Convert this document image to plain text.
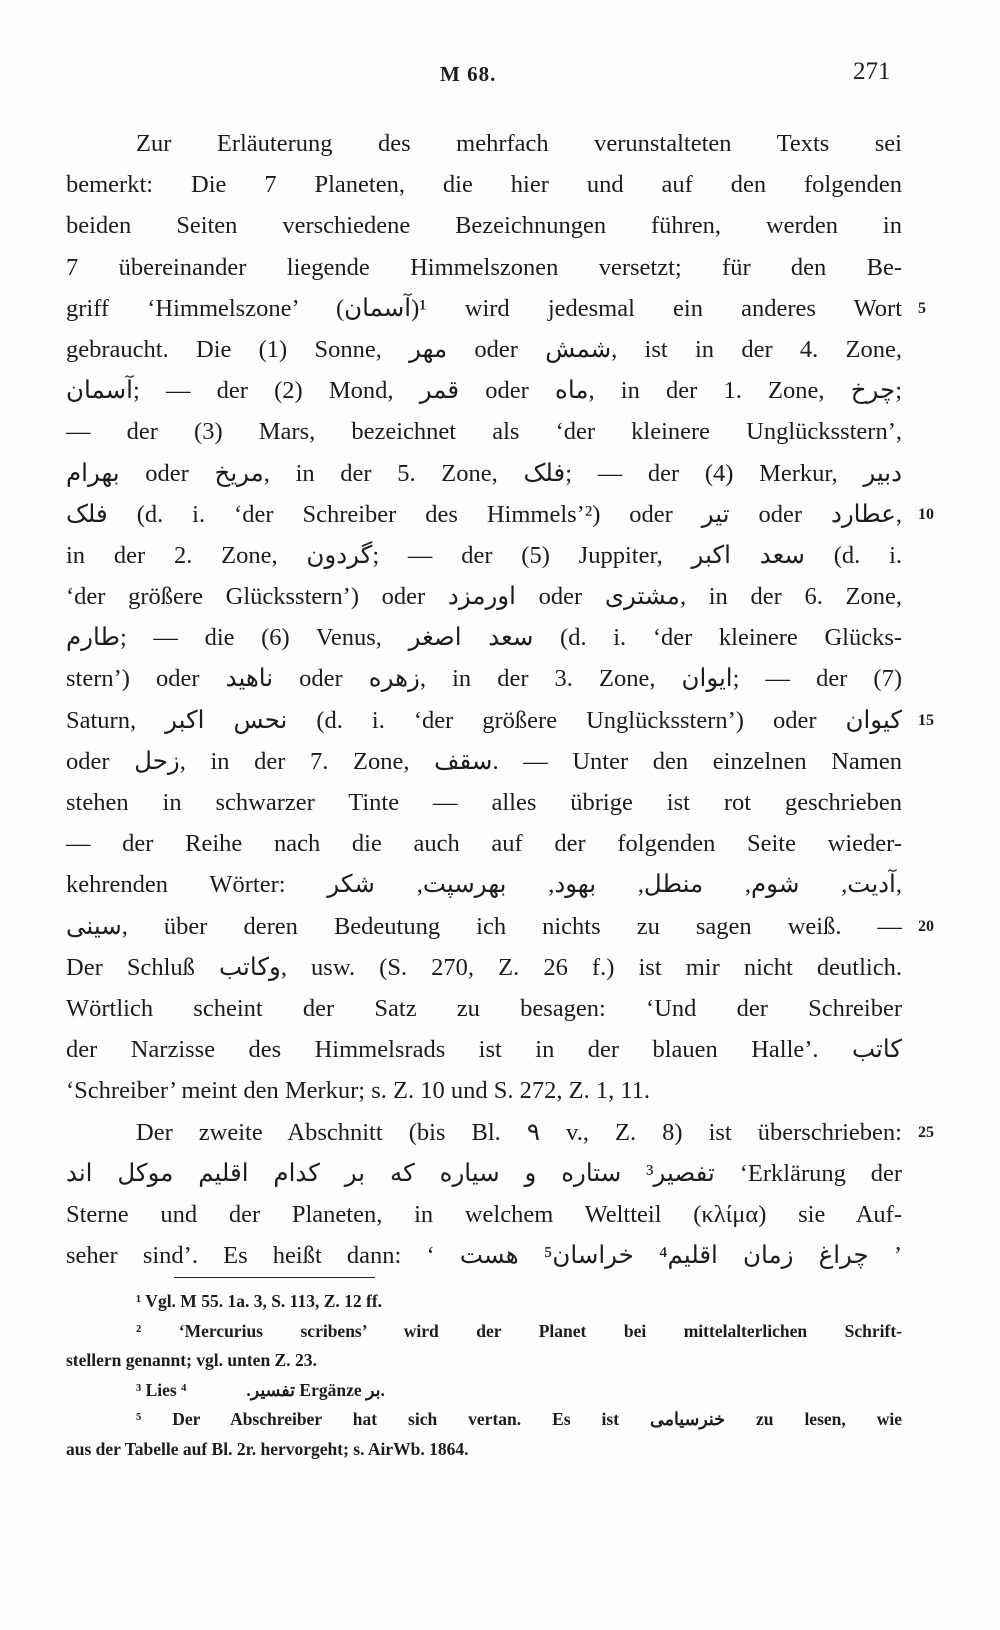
M 68.	271
Zur Erläuterung des mehrfach verunstalteten Texts sei
bemerkt: Die 7 Planeten, die hier und auf den folgenden
beiden Seiten verschiedene Bezeichnungen führen, werden in
7 übereinander liegende Himmelszonen versetzt; für den Be-
griff ‘Himmelszone’ (آسمان)¹ wird jedesmal ein anderes Wort 5
gebraucht. Die (1) Sonne, مهر oder شمش, ist in der 4. Zone,
آسمان; — der (2) Mond, قمر oder ماه, in der 1. Zone, چرخ;
— der (3) Mars, bezeichnet als ‘der kleinere Unglücksstern’,
بهرام oder مریخ, in der 5. Zone, فلک; — der (4) Merkur, دبیر
فلک (d. i. ‘der Schreiber des Himmels’²) oder تیر oder عطارد, 10
in der 2. Zone, گردون; — der (5) Juppiter, سعد اکبر (d. i.
‘der größere Glücksstern’) oder اورمزد oder مشتری, in der 6. Zone,
طارم; — die (6) Venus, سعد اصغر (d. i. ‘der kleinere Glücks-
stern’) oder ناهید oder زهره, in der 3. Zone, ایوان; — der (7)
Saturn, نحس اکبر (d. i. ‘der größere Unglücksstern’) oder کیوان 15
oder زحل, in der 7. Zone, سقف. — Unter den einzelnen Namen
stehen in schwarzer Tinte — alles übrige ist rot geschrieben
— der Reihe nach die auch auf der folgenden Seite wieder-
kehrenden Wörter: آدیت, شوم, منطل, بهود, بهرسپت, شکر,
سینی, über deren Bedeutung ich nichts zu sagen weiß. — 20
Der Schluß وکاتب, usw. (S. 270, Z. 26 f.) ist mir nicht deutlich.
Wörtlich scheint der Satz zu besagen: ‘Und der Schreiber
der Narzisse des Himmelsrads ist in der blauen Halle’. کاتب
‘Schreiber’ meint den Merkur; s. Z. 10 und S. 272, Z. 1, 11.
Der zweite Abschnitt (bis Bl. ٩ v., Z. 8) ist überschrieben: 25
تفصیر³ ستاره و سیاره که بر کدام اقلیم موکل اند ‘Erklärung der
Sterne und der Planeten, in welchem Weltteil (κλίμα) sie Auf-
seher sind’. Es heißt dann: ‘ چراغ زمان اقلیم⁴ خراسان⁵ هست ’
¹ Vgl. M 55. 1a. 3, S. 113, Z. 12 ff.
² ‘Mercurius scribens’ wird der Planet bei mittelalterlichen Schrift-
stellern genannt; vgl. unten Z. 23.
³ Lies تفسیر.⁴ Ergänze بر.
⁵ Der Abschreiber hat sich vertan. Es ist خنرسیامی zu lesen, wie
aus der Tabelle auf Bl. 2r. hervorgeht; s. AirWb. 1864.
